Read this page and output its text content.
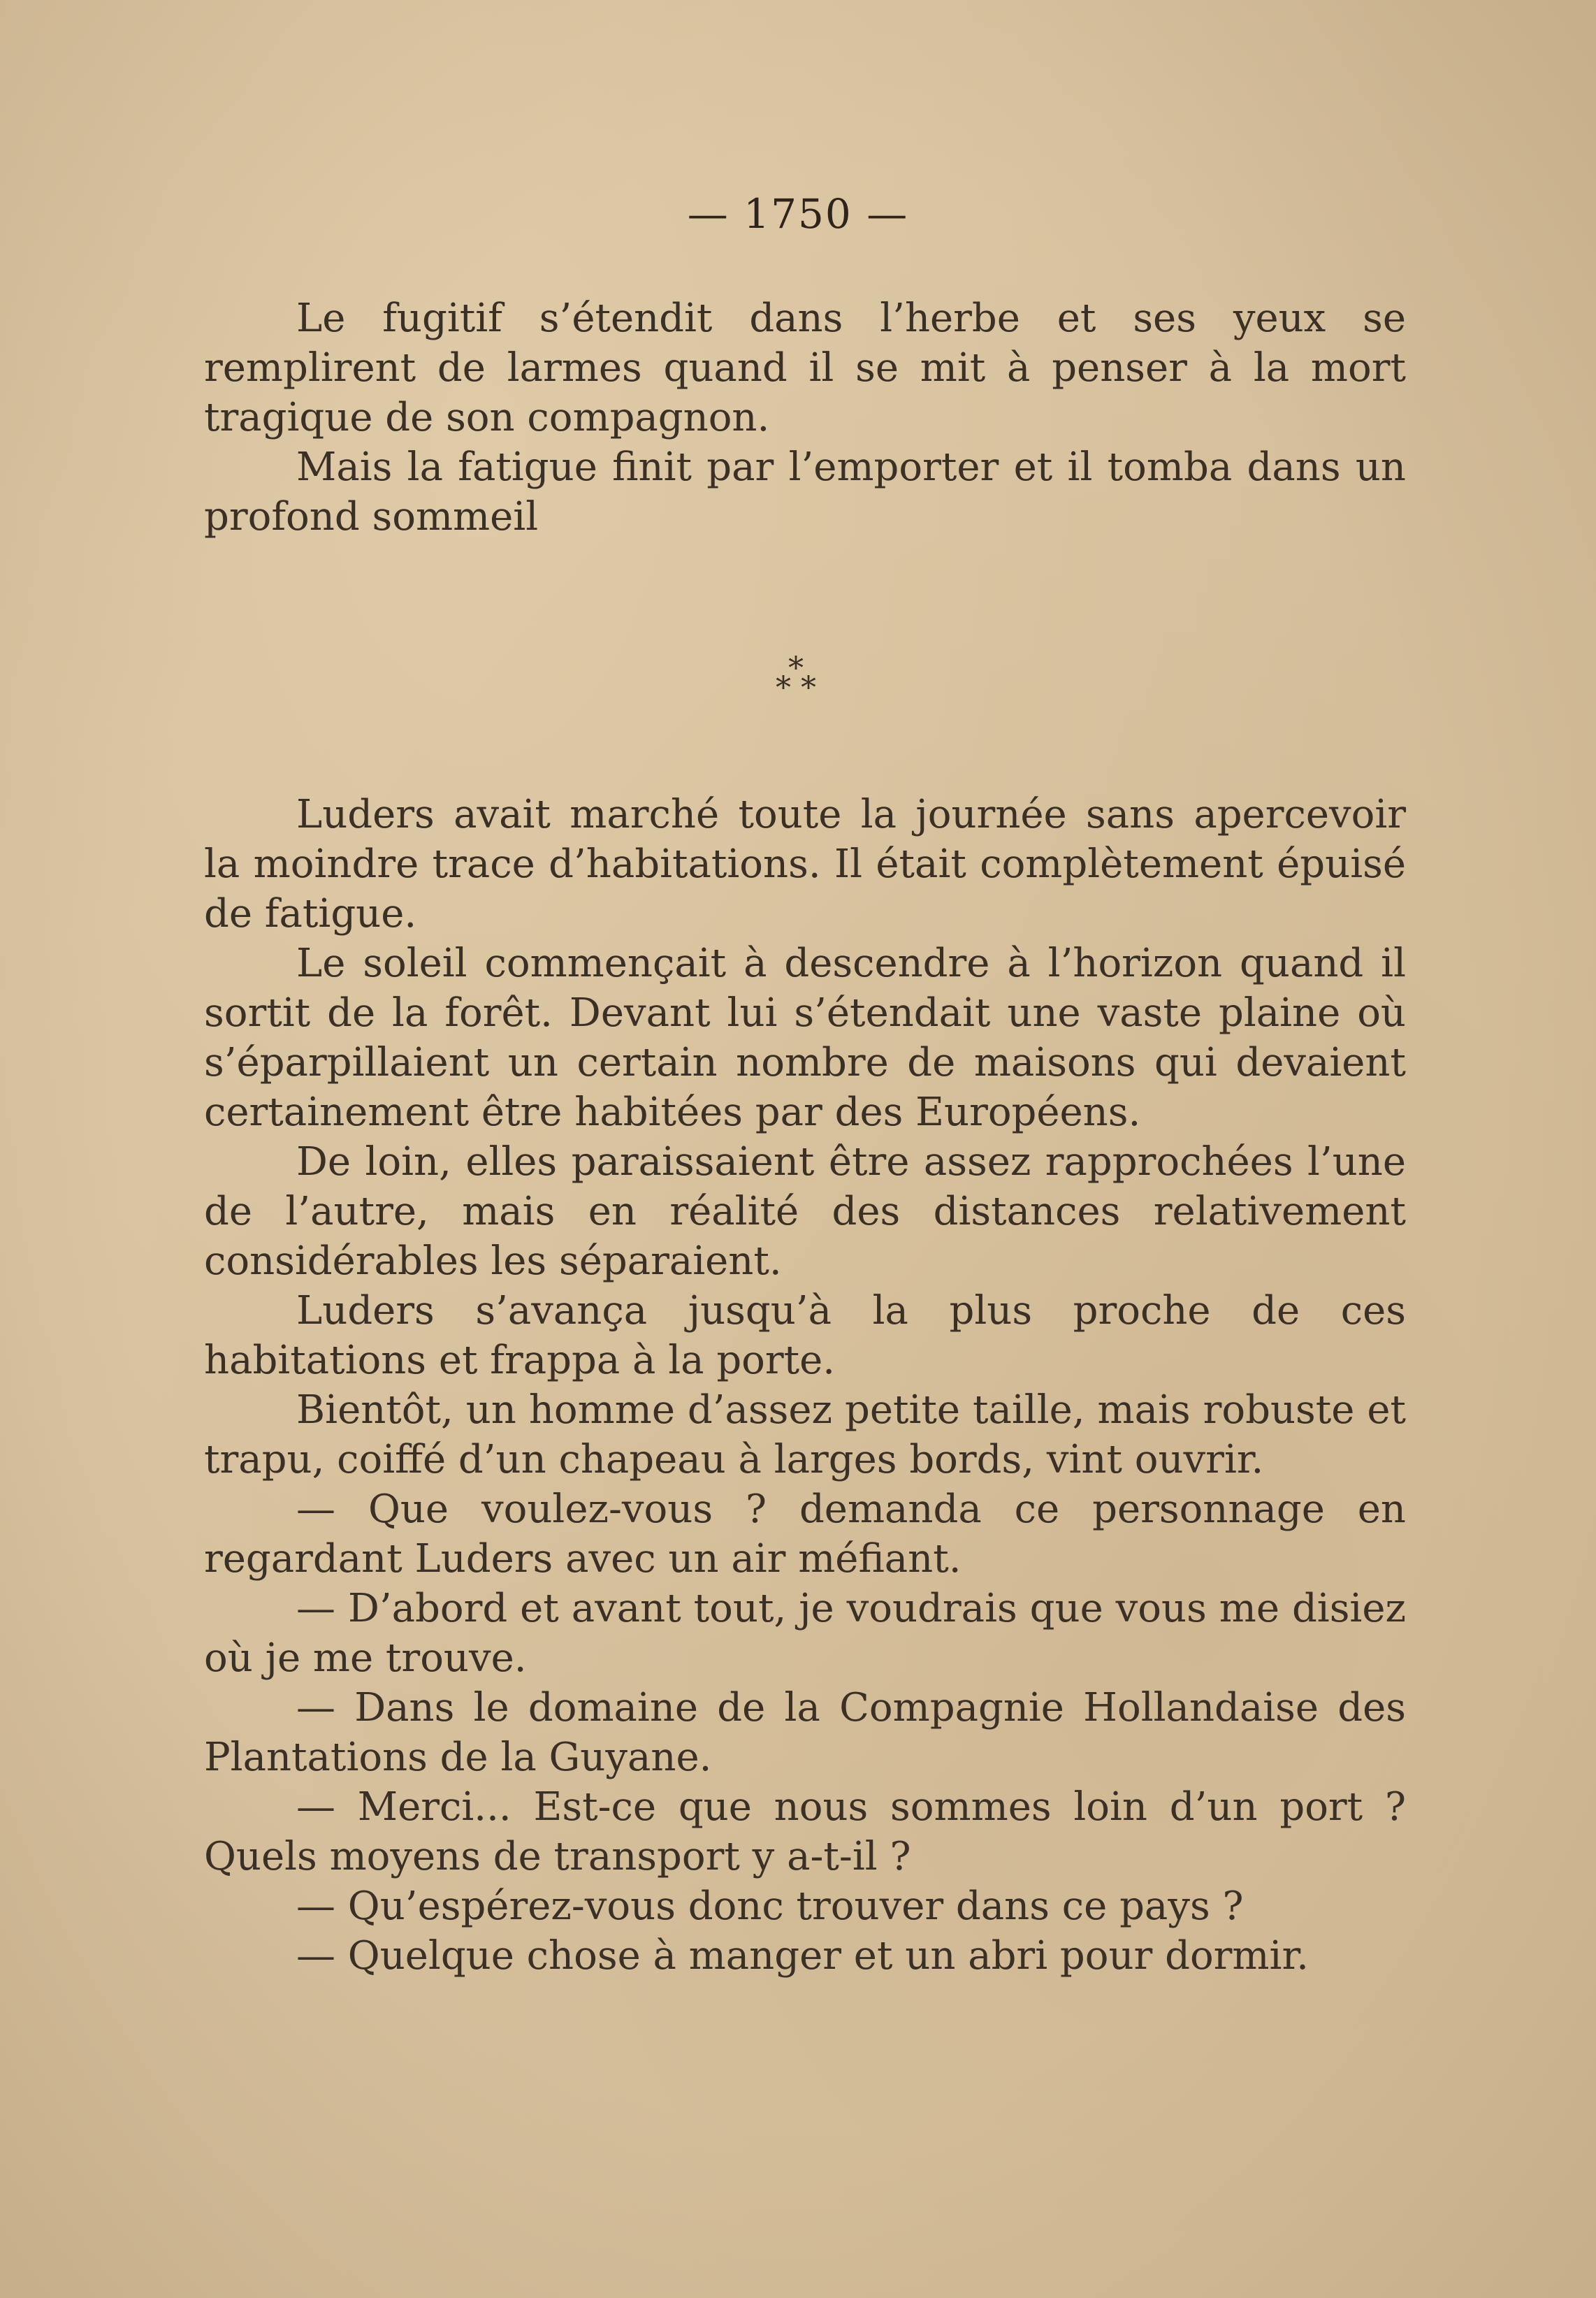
— 1750 —

Le fugitif s’étendit dans l’herbe et ses yeux se remplirent de larmes quand il se mit à penser à la mort tragique de son compagnon.

Mais la fatigue finit par l’emporter et il tomba dans un profond sommeil

*
* *

Luders avait marché toute la journée sans apercevoir la moindre trace d’habitations. Il était complètement épuisé de fatigue.

Le soleil commençait à descendre à l’horizon quand il sortit de la forêt. Devant lui s’étendait une vaste plaine où s’éparpillaient un certain nombre de maisons qui devaient certainement être habitées par des Européens.

De loin, elles paraissaient être assez rapprochées l’une de l’autre, mais en réalité des distances relativement considérables les séparaient.

Luders s’avança jusqu’à la plus proche de ces habitations et frappa à la porte.

Bientôt, un homme d’assez petite taille, mais robuste et trapu, coiffé d’un chapeau à larges bords, vint ouvrir.

— Que voulez-vous ? demanda ce personnage en regardant Luders avec un air méfiant.

— D’abord et avant tout, je voudrais que vous me disiez où je me trouve.

— Dans le domaine de la Compagnie Hollandaise des Plantations de la Guyane.

— Merci... Est-ce que nous sommes loin d’un port ? Quels moyens de transport y a-t-il ?

— Qu’espérez-vous donc trouver dans ce pays ?

— Quelque chose à manger et un abri pour dormir.
